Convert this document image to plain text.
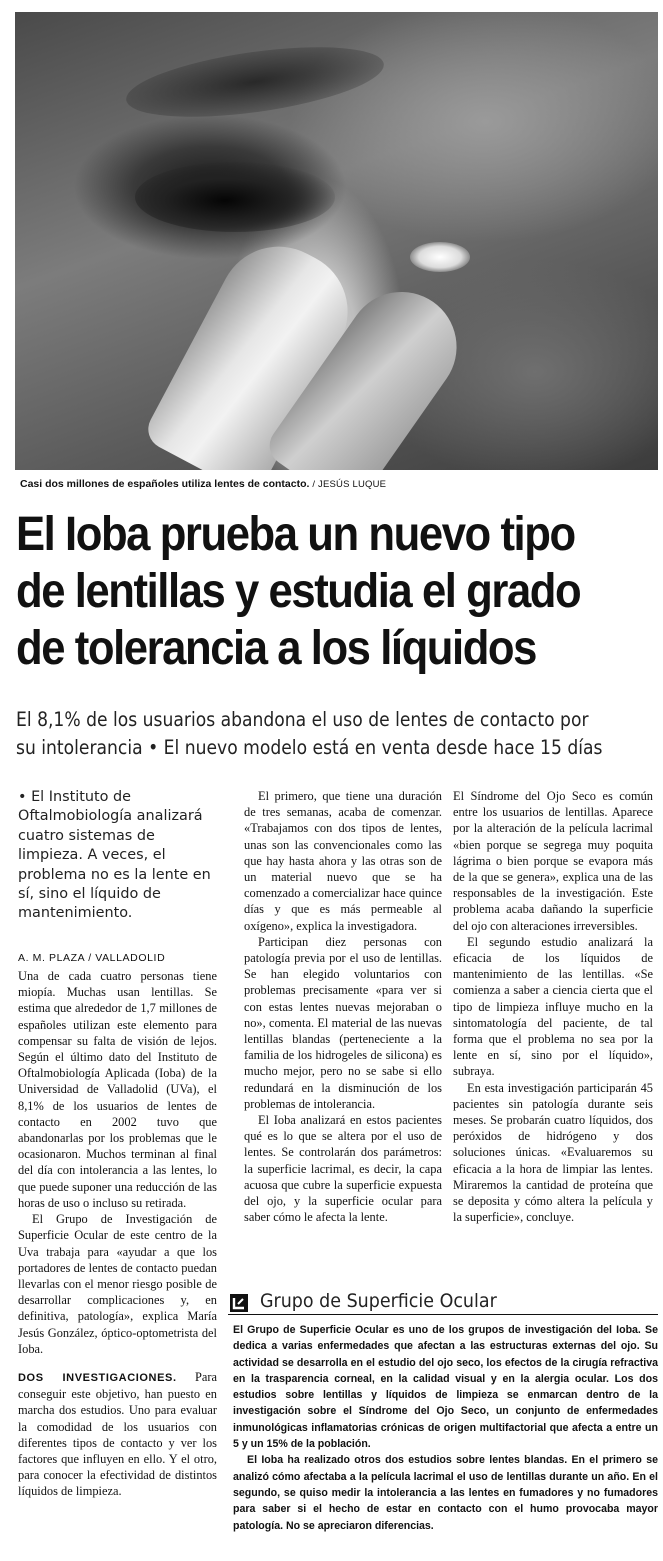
Casi dos millones de españoles utiliza lentes de contacto. / JESÚS LUQUE
El Ioba prueba un nuevo tipo
de lentillas y estudia el grado
de tolerancia a los líquidos
El 8,1% de los usuarios abandona el uso de lentes de contacto por
su intolerancia • El nuevo modelo está en venta desde hace 15 días
• El Instituto de Oftalmobiología analizará cuatro sistemas de limpieza. A veces, el problema no es la lente en sí, sino el líquido de mantenimiento.

A. M. PLAZA / VALLADOLID

Una de cada cuatro personas tiene miopía. Muchas usan lentillas. Se estima que alrededor de 1,7 millones de españoles utilizan este elemento para compensar su falta de visión de lejos. Según el último dato del Instituto de Oftalmobiología Aplicada (Ioba) de la Universidad de Valladolid (UVa), el 8,1% de los usuarios de lentes de contacto en 2002 tuvo que abandonarlas por los problemas que le ocasionaron. Muchos terminan al final del día con intolerancia a las lentes, lo que puede suponer una reducción de las horas de uso o incluso su retirada.

El Grupo de Investigación de Superficie Ocular de este centro de la Uva trabaja para «ayudar a que los portadores de lentes de contacto puedan llevarlas con el menor riesgo posible de desarrollar complicaciones y, en definitiva, patología», explica María Jesús González, óptico-optometrista del Ioba.

DOS INVESTIGACIONES. Para conseguir este objetivo, han puesto en marcha dos estudios. Uno para evaluar la comodidad de los usuarios con diferentes tipos de contacto y ver los factores que influyen en ello. Y el otro, para conocer la efectividad de distintos líquidos de limpieza.

El primero, que tiene una duración de tres semanas, acaba de comenzar. «Trabajamos con dos tipos de lentes, unas son las convencionales como las que hay hasta ahora y las otras son de un material nuevo que se ha comenzado a comercializar hace quince días y que es más permeable al oxígeno», explica la investigadora.

Participan diez personas con patología previa por el uso de lentillas. Se han elegido voluntarios con problemas precisamente «para ver si con estas lentes nuevas mejoraban o no», comenta. El material de las nuevas lentillas blandas (perteneciente a la familia de los hidrogeles de silicona) es mucho mejor, pero no se sabe si ello redundará en la disminución de los problemas de intolerancia.

El Ioba analizará en estos pacientes qué es lo que se altera por el uso de lentes. Se controlarán dos parámetros: la superficie lacrimal, es decir, la capa acuosa que cubre la superficie expuesta del ojo, y la superficie ocular para saber cómo le afecta la lente.

El Síndrome del Ojo Seco es común entre los usuarios de lentillas. Aparece por la alteración de la película lacrimal «bien porque se segrega muy poquita lágrima o bien porque se evapora más de la que se genera», explica una de las responsables de la investigación. Este problema acaba dañando la superficie del ojo con alteraciones irreversibles.

El segundo estudio analizará la eficacia de los líquidos de mantenimiento de las lentillas. «Se comienza a saber a ciencia cierta que el tipo de limpieza influye mucho en la sintomatología del paciente, de tal forma que el problema no sea por la lente en sí, sino por el líquido», subraya.

En esta investigación participarán 45 pacientes sin patología durante seis meses. Se probarán cuatro líquidos, dos peróxidos de hidrógeno y dos soluciones únicas. «Evaluaremos su eficacia a la hora de limpiar las lentes. Miraremos la cantidad de proteína que se deposita y cómo altera la película y la superficie», concluye.

Grupo de Superficie Ocular

El Grupo de Superficie Ocular es uno de los grupos de investigación del Ioba. Se dedica a varias enfermedades que afectan a las estructuras externas del ojo. Su actividad se desarrolla en el estudio del ojo seco, los efectos de la cirugía refractiva en la trasparencia corneal, en la calidad visual y en la alergia ocular. Los dos estudios sobre lentillas y líquidos de limpieza se enmarcan dentro de la investigación sobre el Síndrome del Ojo Seco, un conjunto de enfermedades inmunológicas inflamatorias crónicas de origen multifactorial que afecta a entre un 5 y un 15% de la población.

El Ioba ha realizado otros dos estudios sobre lentes blandas. En el primero se analizó cómo afectaba a la película lacrimal el uso de lentillas durante un año. En el segundo, se quiso medir la intolerancia a las lentes en fumadores y no fumadores para saber si el hecho de estar en contacto con el humo provocaba mayor patología. No se apreciaron diferencias.
